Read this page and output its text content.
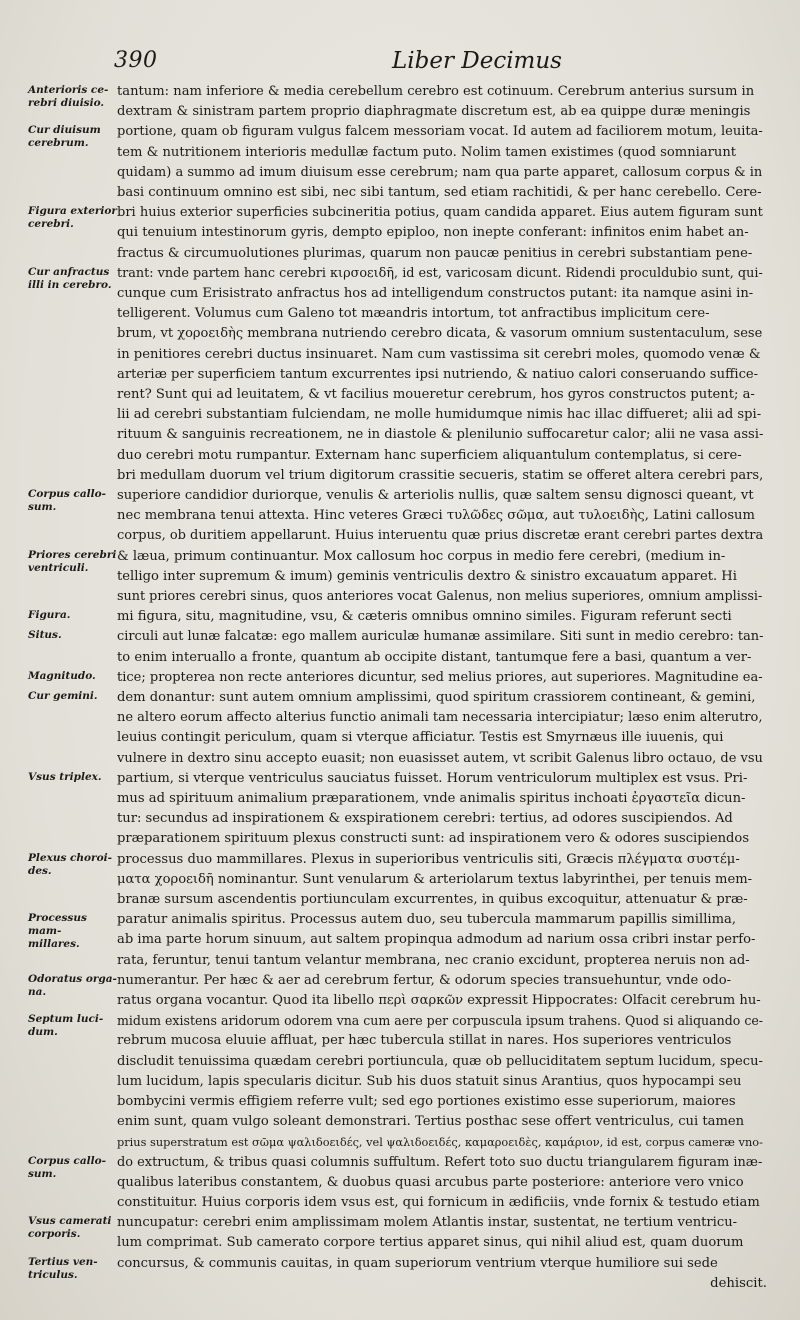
390	Liber Decimus
Anterioris ce-
rebri diuisio.
Cur diuisum
cerebrum.
Figura exterior
cerebri.
Cur anfractus
illi in cerebro.
Corpus callo-
sum.
Priores cerebri
ventriculi.
Figura.
Situs.
Magnitudo.
Cur gemini.
Vsus triplex.
Plexus choroi-
des.
Processus mam-
millares.
Odoratus orga-
na.
Septum luci-
dum.
Corpus callo-
sum.
Vsus camerati
corporis.
Tertius ven-
triculus.
tantum: nam inferiore & media cerebellum cerebro est cotinuum. Cerebrum anterius sursum in
dextram & sinistram partem proprio diaphragmate discretum est, ab ea quippe duræ meningis
portione, quam ob figuram vulgus falcem messoriam vocat. Id autem ad faciliorem motum, leuita-
tem & nutritionem interioris medullæ factum puto. Nolim tamen existimes (quod somniarunt
quidam) a summo ad imum diuisum esse cerebrum; nam qua parte apparet, callosum corpus & in
basi continuum omnino est sibi, nec sibi tantum, sed etiam rachitidi, & per hanc cerebello. Cere-
bri huius exterior superficies subcineritia potius, quam candida apparet. Eius autem figuram sunt
qui tenuium intestinorum gyris, dempto epiploo, non inepte conferant: infinitos enim habet an-
fractus & circumuolutiones plurimas, quarum non paucæ penitius in cerebri substantiam pene-
trant: vnde partem hanc cerebri κιρσοειδῆ, id est, varicosam dicunt. Ridendi proculdubio sunt, qui-
cunque cum Erisistrato anfractus hos ad intelligendum constructos putant: ita namque asini in-
telligerent. Volumus cum Galeno tot mæandris intortum, tot anfractibus implicitum cere-
brum, vt χοροειδὴς membrana nutriendo cerebro dicata, & vasorum omnium sustentaculum, sese
in penitiores cerebri ductus insinuaret. Nam cum vastissima sit cerebri moles, quomodo venæ &
arteriæ per superficiem tantum excurrentes ipsi nutriendo, & natiuo calori conseruando suffice-
rent? Sunt qui ad leuitatem, & vt facilius moueretur cerebrum, hos gyros constructos putent; a-
lii ad cerebri substantiam fulciendam, ne molle humidumque nimis hac illac diffueret; alii ad spi-
rituum & sanguinis recreationem, ne in diastole & plenilunio suffocaretur calor; alii ne vasa assi-
duo cerebri motu rumpantur. Externam hanc superficiem aliquantulum contemplatus, si cere-
bri medullam duorum vel trium digitorum crassitie secueris, statim se offeret altera cerebri pars,
superiore candidior duriorque, venulis & arteriolis nullis, quæ saltem sensu dignosci queant, vt
nec membrana tenui attexta. Hinc veteres Græci τυλῶδες σῶμα, aut τυλοειδὴς, Latini callosum
corpus, ob duritiem appellarunt. Huius interuentu quæ prius discretæ erant cerebri partes dextra
& læua, primum continuantur. Mox callosum hoc corpus in medio fere cerebri, (medium in-
telligo inter supremum & imum) geminis ventriculis dextro & sinistro excauatum apparet. Hi
sunt priores cerebri sinus, quos anteriores vocat Galenus, non melius superiores, omnium amplissi-
mi figura, situ, magnitudine, vsu, & cæteris omnibus omnino similes. Figuram referunt secti
circuli aut lunæ falcatæ: ego mallem auriculæ humanæ assimilare. Siti sunt in medio cerebro: tan-
to enim interuallo a fronte, quantum ab occipite distant, tantumque fere a basi, quantum a ver-
tice; propterea non recte anteriores dicuntur, sed melius priores, aut superiores. Magnitudine ea-
dem donantur: sunt autem omnium amplissimi, quod spiritum crassiorem contineant, & gemini,
ne altero eorum affecto alterius functio animali tam necessaria intercipiatur; læso enim alterutro,
leuius contingit periculum, quam si vterque afficiatur. Testis est Smyrnæus ille iuuenis, qui
vulnere in dextro sinu accepto euasit; non euasisset autem, vt scribit Galenus libro octauo, de vsu
partium, si vterque ventriculus sauciatus fuisset. Horum ventriculorum multiplex est vsus. Pri-
mus ad spirituum animalium præparationem, vnde animalis spiritus inchoati ἐργαστεῖα dicun-
tur: secundus ad inspirationem & exspirationem cerebri: tertius, ad odores suscipiendos. Ad
præparationem spirituum plexus constructi sunt: ad inspirationem vero & odores suscipiendos
processus duo mammillares. Plexus in superioribus ventriculis siti, Græcis πλέγματα συστέμ-
ματα χοροειδῆ nominantur. Sunt venularum & arteriolarum textus labyrinthei, per tenuis mem-
branæ sursum ascendentis portiunculam excurrentes, in quibus excoquitur, attenuatur & præ-
paratur animalis spiritus. Processus autem duo, seu tubercula mammarum papillis simillima,
ab ima parte horum sinuum, aut saltem propinqua admodum ad narium ossa cribri instar perfo-
rata, feruntur, tenui tantum velantur membrana, nec cranio excidunt, propterea neruis non ad-
numerantur. Per hæc & aer ad cerebrum fertur, & odorum species transuehuntur, vnde odo-
ratus organa vocantur. Quod ita libello περὶ σαρκῶν expressit Hippocrates: Olfacit cerebrum hu-
midum existens aridorum odorem vna cum aere per corpuscula ipsum trahens. Quod si aliquando ce-
rebrum mucosa eluuie affluat, per hæc tubercula stillat in nares. Hos superiores ventriculos
discludit tenuissima quædam cerebri portiuncula, quæ ob pelluciditatem septum lucidum, specu-
lum lucidum, lapis specularis dicitur. Sub his duos statuit sinus Arantius, quos hypocampi seu
bombycini vermis effigiem referre vult; sed ego portiones existimo esse superiorum, maiores
enim sunt, quam vulgo soleant demonstrari. Tertius posthac sese offert ventriculus, cui tamen
prius superstratum est σῶμα ψαλιδοειδές, vel ψαλιδοειδές, καμαροειδὲς, καμάριον, id est, corpus cameræ vno-
do extructum, & tribus quasi columnis suffultum. Refert toto suo ductu triangularem figuram inæ-
qualibus lateribus constantem, & duobus quasi arcubus parte posteriore: anteriore vero vnico
constituitur. Huius corporis idem vsus est, qui fornicum in ædificiis, vnde fornix & testudo etiam
nuncupatur: cerebri enim amplissimam molem Atlantis instar, sustentat, ne tertium ventricu-
lum comprimat. Sub camerato corpore tertius apparet sinus, qui nihil aliud est, quam duorum
concursus, & communis cauitas, in quam superiorum ventrium vterque humiliore sui sede
dehiscit.
